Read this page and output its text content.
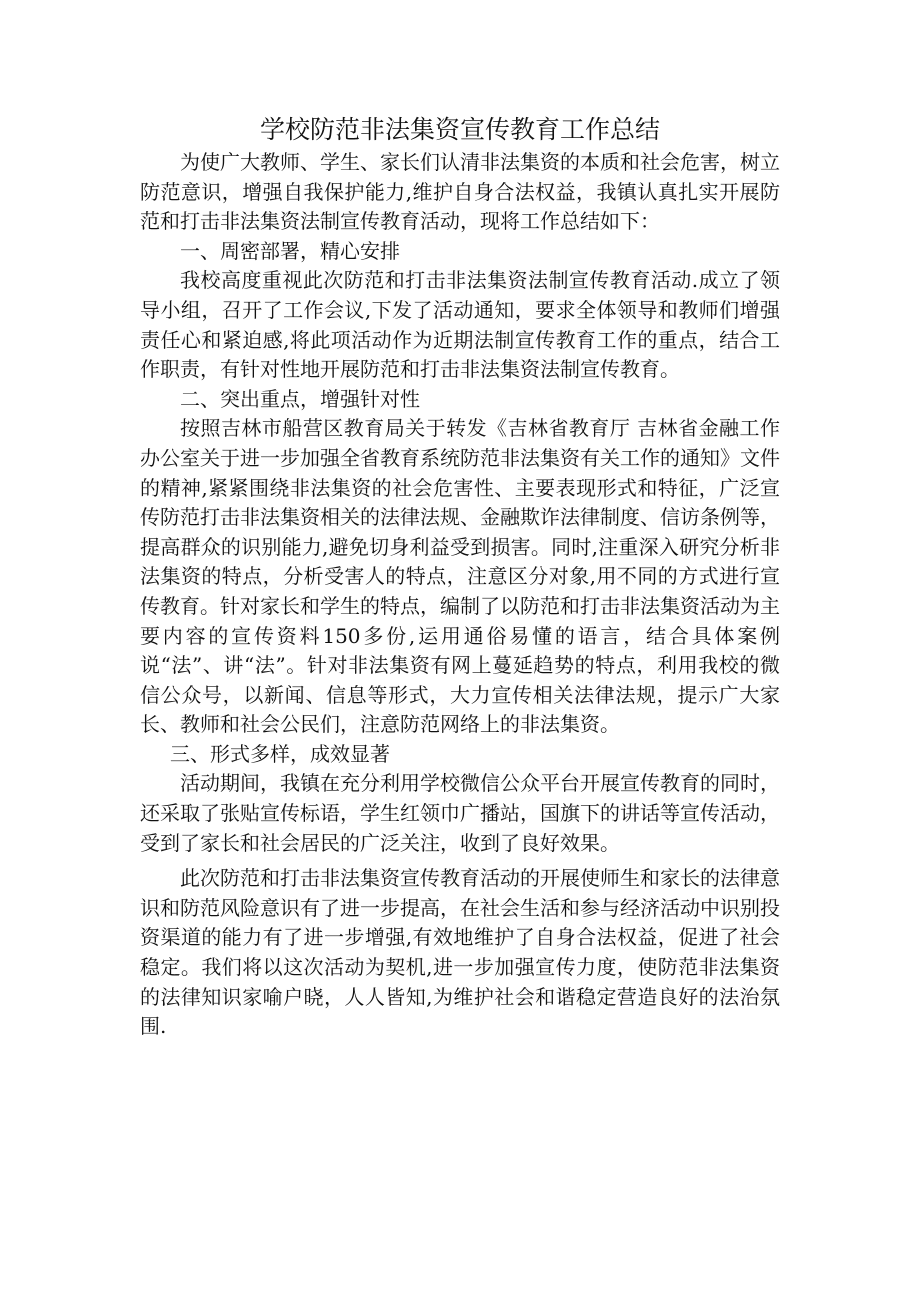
学校防范非法集资宣传教育工作总结

为使广大教师、学生、家长们认清非法集资的本质和社会危害，树立防范意识，增强自我保护能力,维护自身合法权益，我镇认真扎实开展防范和打击非法集资法制宣传教育活动，现将工作总结如下：

一、周密部署，精心安排

我校高度重视此次防范和打击非法集资法制宣传教育活动.成立了领导小组，召开了工作会议,下发了活动通知，要求全体领导和教师们增强责任心和紧迫感,将此项活动作为近期法制宣传教育工作的重点，结合工作职责，有针对性地开展防范和打击非法集资法制宣传教育。

二、突出重点，增强针对性

按照吉林市船营区教育局关于转发《吉林省教育厅 吉林省金融工作办公室关于进一步加强全省教育系统防范非法集资有关工作的通知》文件的精神,紧紧围绕非法集资的社会危害性、主要表现形式和特征，广泛宣传防范打击非法集资相关的法律法规、金融欺诈法律制度、信访条例等，提高群众的识别能力,避免切身利益受到损害。同时,注重深入研究分析非法集资的特点，分析受害人的特点，注意区分对象,用不同的方式进行宣传教育。针对家长和学生的特点，编制了以防范和打击非法集资活动为主要内容的宣传资料150多份,运用通俗易懂的语言，结合具体案例说“法”、讲“法”。针对非法集资有网上蔓延趋势的特点，利用我校的微信公众号，以新闻、信息等形式，大力宣传相关法律法规，提示广大家长、教师和社会公民们，注意防范网络上的非法集资。

三、形式多样，成效显著

活动期间，我镇在充分利用学校微信公众平台开展宣传教育的同时，还采取了张贴宣传标语，学生红领巾广播站，国旗下的讲话等宣传活动，受到了家长和社会居民的广泛关注，收到了良好效果。

此次防范和打击非法集资宣传教育活动的开展使师生和家长的法律意识和防范风险意识有了进一步提高，在社会生活和参与经济活动中识别投资渠道的能力有了进一步增强,有效地维护了自身合法权益，促进了社会稳定。我们将以这次活动为契机,进一步加强宣传力度，使防范非法集资的法律知识家喻户晓，人人皆知,为维护社会和谐稳定营造良好的法治氛围.
